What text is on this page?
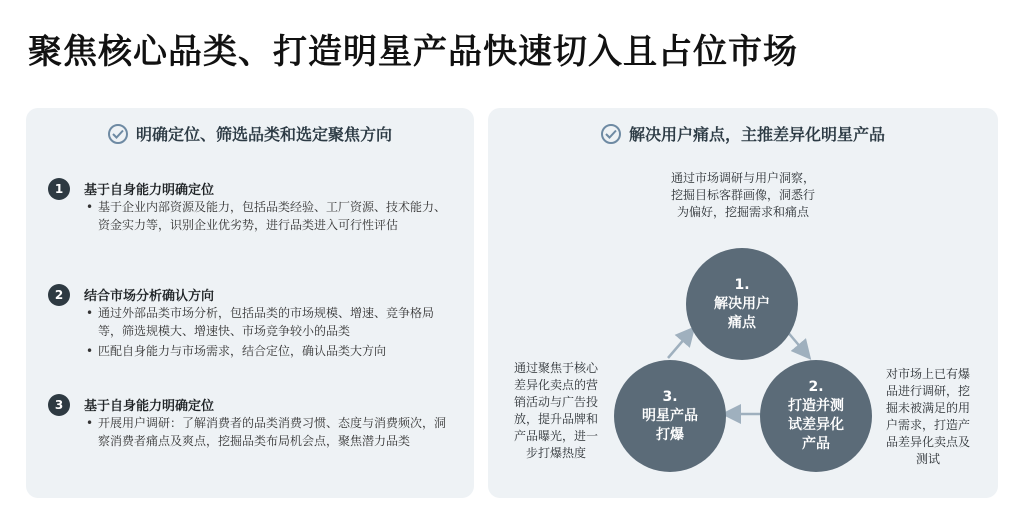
聚焦核心品类、打造明星产品快速切入且占位市场
明确定位、筛选品类和选定聚焦方向
1	基于自身能力明确定位
• 基于企业内部资源及能力，包括品类经验、工厂资源、技术能力、资金实力等，识别企业优劣势，进行品类进入可行性评估
2	结合市场分析确认方向
• 通过外部品类市场分析，包括品类的市场规模、增速、竞争格局等，筛选规模大、增速快、市场竞争较小的品类
• 匹配自身能力与市场需求，结合定位，确认品类大方向
3	基于自身能力明确定位
• 开展用户调研：了解消费者的品类消费习惯、态度与消费频次，洞察消费者痛点及爽点，挖掘品类布局机会点，聚焦潜力品类
解决用户痛点，主推差异化明星产品
通过市场调研与用户洞察，
挖掘目标客群画像，洞悉行
为偏好，挖掘需求和痛点
1.
解决用户
痛点
2.
打造并测
试差异化
产品
3.
明星产品
打爆
对市场上已有爆
品进行调研，挖
掘未被满足的用
户需求，打造产
品差异化卖点及
测试
通过聚焦于核心
差异化卖点的营
销活动与广告投
放，提升品牌和
产品曝光，进一
步打爆热度
